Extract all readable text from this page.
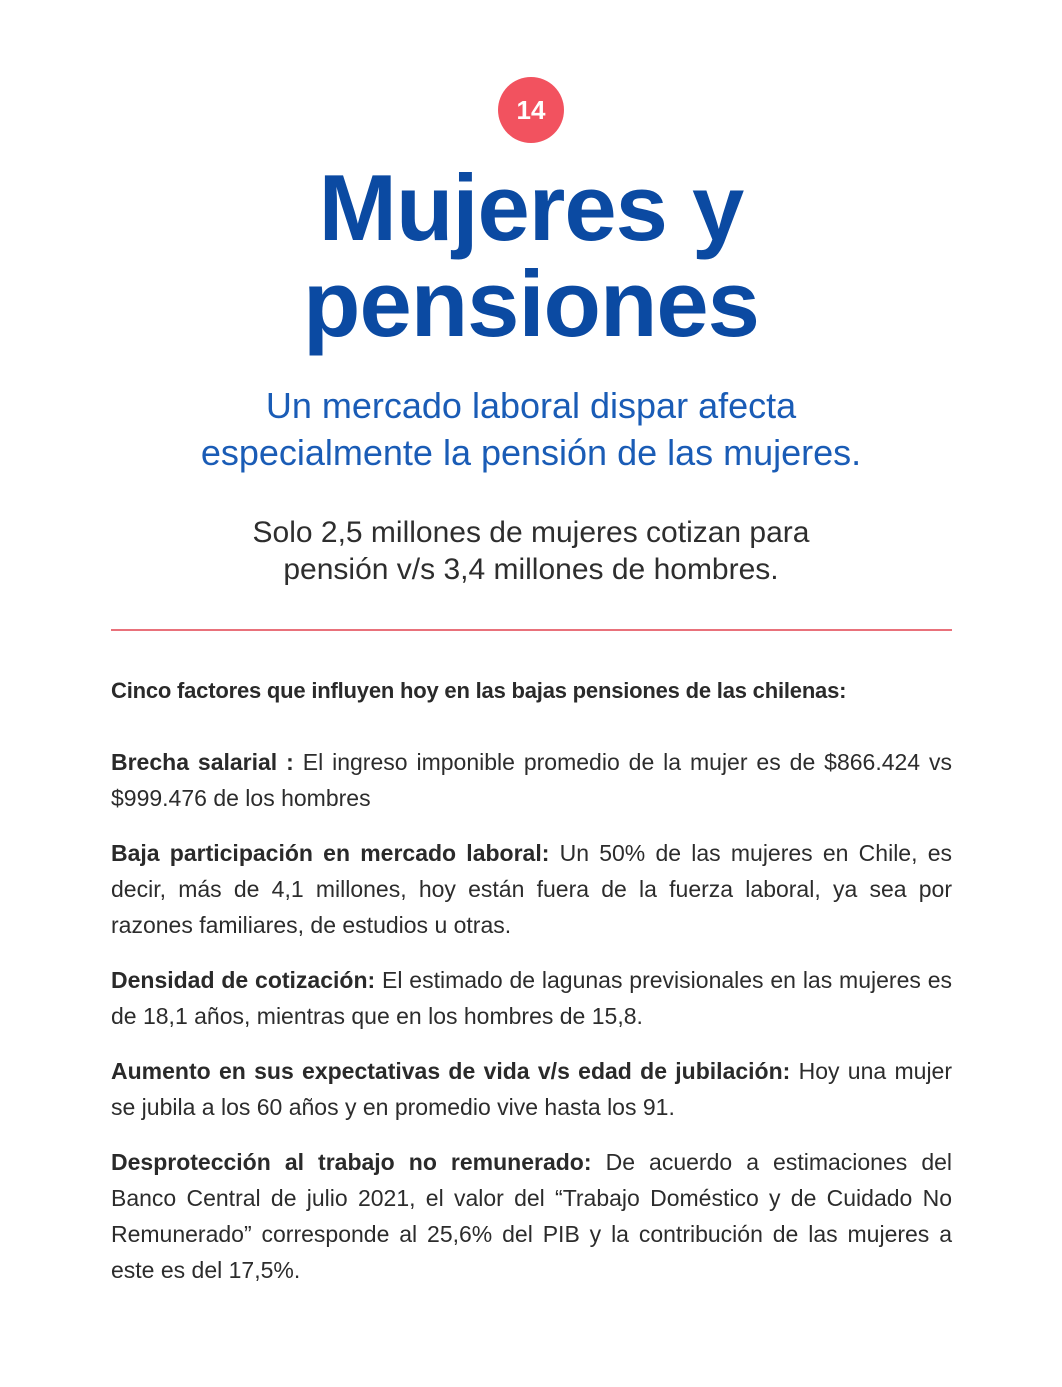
14
Mujeres y
pensiones
Un mercado laboral dispar afecta
especialmente la pensión de las mujeres.
Solo 2,5 millones de mujeres cotizan para
pensión v/s 3,4 millones de hombres.
Cinco factores que influyen hoy en las bajas pensiones de las chilenas:

Brecha salarial : El ingreso imponible promedio de la mujer es de $866.424 vs $999.476 de los hombres

Baja participación en mercado laboral: Un 50% de las mujeres en Chile, es decir, más de 4,1 millones, hoy están fuera de la fuerza laboral, ya sea por razones familiares, de estudios u otras.

Densidad de cotización: El estimado de lagunas previsionales en las mujeres es de 18,1 años, mientras que en los hombres de 15,8.

Aumento en sus expectativas de vida v/s edad de jubilación: Hoy una mujer se jubila a los 60 años y en promedio vive hasta los 91.

Desprotección al trabajo no remunerado: De acuerdo a estimaciones del Banco Central de julio 2021, el valor del “Trabajo Doméstico y de Cuidado No Remunerado” corresponde al 25,6% del PIB y la contribución de las mujeres a este es del 17,5%.
